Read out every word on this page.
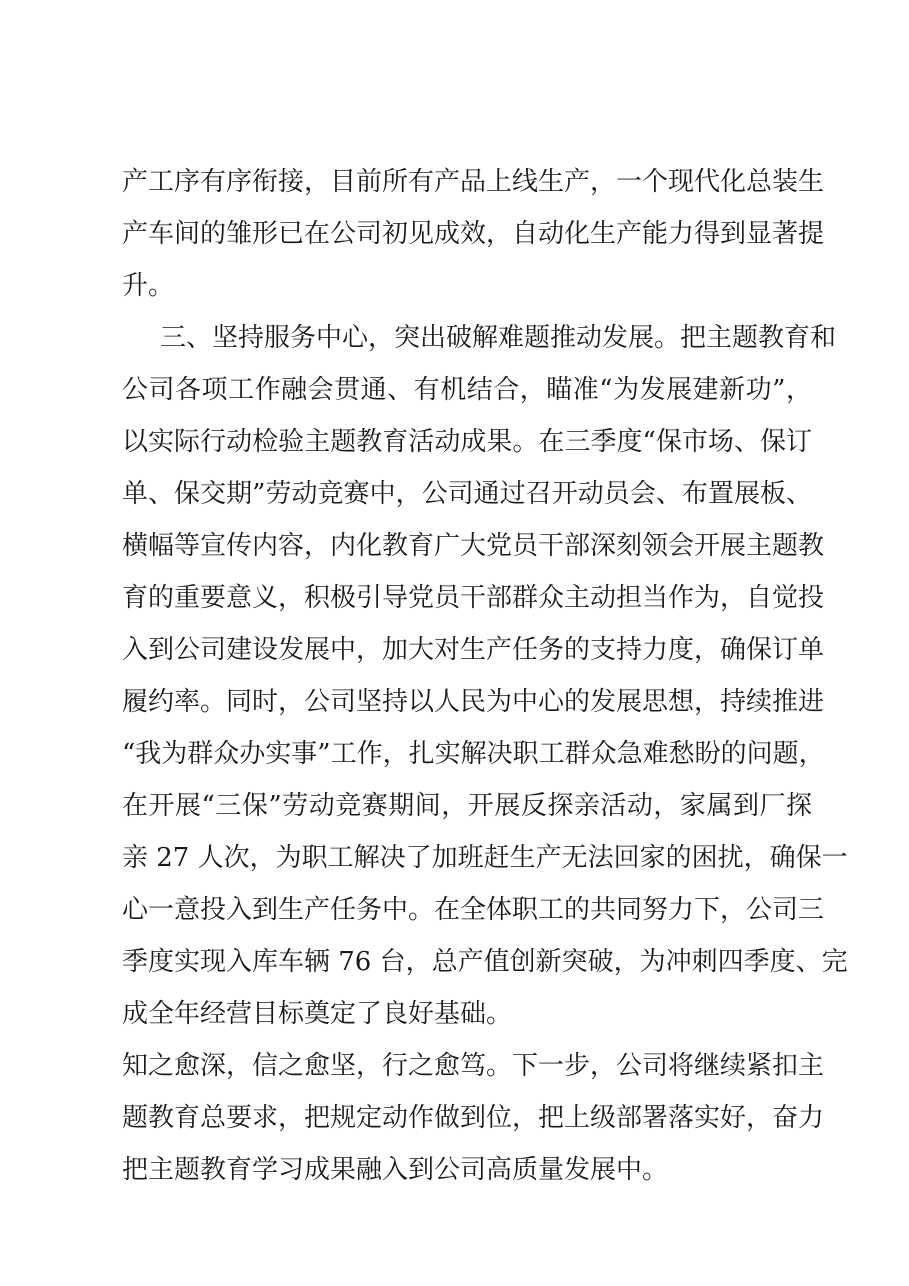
产工序有序衔接，目前所有产品上线生产，一个现代化总装生
产车间的雏形已在公司初见成效，自动化生产能力得到显著提
升。
三、坚持服务中心，突出破解难题推动发展。把主题教育和
公司各项工作融会贯通、有机结合，瞄准“为发展建新功”，
以实际行动检验主题教育活动成果。在三季度“保市场、保订
单、保交期”劳动竞赛中，公司通过召开动员会、布置展板、
横幅等宣传内容，内化教育广大党员干部深刻领会开展主题教
育的重要意义，积极引导党员干部群众主动担当作为，自觉投
入到公司建设发展中，加大对生产任务的支持力度，确保订单
履约率。同时，公司坚持以人民为中心的发展思想，持续推进
“我为群众办实事”工作，扎实解决职工群众急难愁盼的问题，
在开展“三保”劳动竞赛期间，开展反探亲活动，家属到厂探
亲 27 人次，为职工解决了加班赶生产无法回家的困扰，确保一
心一意投入到生产任务中。在全体职工的共同努力下，公司三
季度实现入库车辆 76 台，总产值创新突破，为冲刺四季度、完
成全年经营目标奠定了良好基础。
知之愈深，信之愈坚，行之愈笃。下一步，公司将继续紧扣主
题教育总要求，把规定动作做到位，把上级部署落实好，奋力
把主题教育学习成果融入到公司高质量发展中。
